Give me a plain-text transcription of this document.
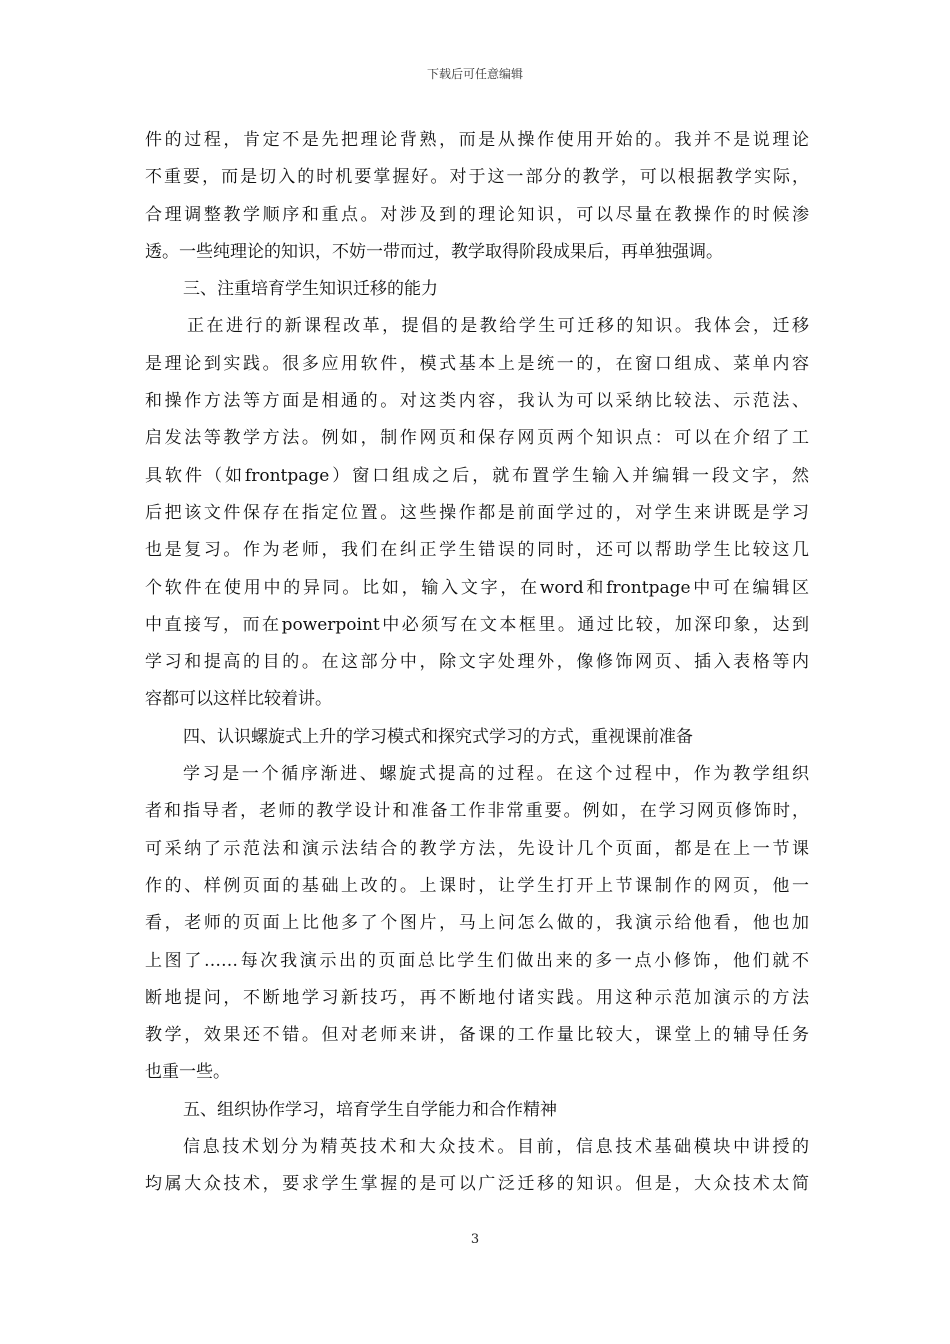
下载后可任意编辑
件的过程，肯定不是先把理论背熟，而是从操作使用开始的。我并不是说理论
不重要，而是切入的时机要掌握好。对于这一部分的教学，可以根据教学实际，
合理调整教学顺序和重点。对涉及到的理论知识，可以尽量在教操作的时候渗
透。一些纯理论的知识，不妨一带而过，教学取得阶段成果后，再单独强调。
三、注重培育学生知识迁移的能力
正在进行的新课程改革，提倡的是教给学生可迁移的知识。我体会，迁移
是理论到实践。很多应用软件，模式基本上是统一的，在窗口组成、菜单内容
和操作方法等方面是相通的。对这类内容，我认为可以采纳比较法、示范法、
启发法等教学方法。例如，制作网页和保存网页两个知识点：可以在介绍了工
具软件（如frontpage）窗口组成之后，就布置学生输入并编辑一段文字，然
后把该文件保存在指定位置。这些操作都是前面学过的，对学生来讲既是学习
也是复习。作为老师，我们在纠正学生错误的同时，还可以帮助学生比较这几
个软件在使用中的异同。比如，输入文字，在word和frontpage中可在编辑区
中直接写，而在powerpoint中必须写在文本框里。通过比较，加深印象，达到
学习和提高的目的。在这部分中，除文字处理外，像修饰网页、插入表格等内
容都可以这样比较着讲。
四、认识螺旋式上升的学习模式和探究式学习的方式，重视课前准备
学习是一个循序渐进、螺旋式提高的过程。在这个过程中，作为教学组织
者和指导者，老师的教学设计和准备工作非常重要。例如，在学习网页修饰时，
可采纳了示范法和演示法结合的教学方法，先设计几个页面，都是在上一节课
作的、样例页面的基础上改的。上课时，让学生打开上节课制作的网页，他一
看，老师的页面上比他多了个图片，马上问怎么做的，我演示给他看，他也加
上图了……每次我演示出的页面总比学生们做出来的多一点小修饰，他们就不
断地提问，不断地学习新技巧，再不断地付诸实践。用这种示范加演示的方法
教学，效果还不错。但对老师来讲，备课的工作量比较大，课堂上的辅导任务
也重一些。
五、组织协作学习，培育学生自学能力和合作精神
信息技术划分为精英技术和大众技术。目前，信息技术基础模块中讲授的
均属大众技术，要求学生掌握的是可以广泛迁移的知识。但是，大众技术太简
3
